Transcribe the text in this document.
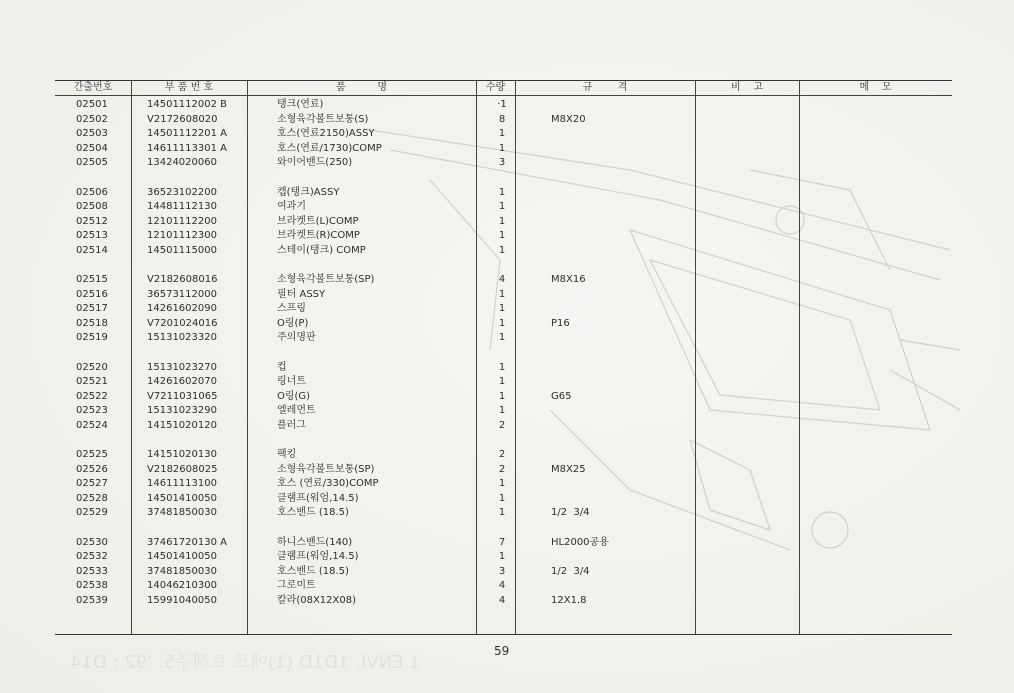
간출번호	부 품 번 호	품          명	수량	규        격	비    고	메    모
02501	14501112002 B	탱크(연료)	·1
02502	V2172608020	소형육각볼트보통(S)	8	M8X20
02503	14501112201 A	호스(연료2150)ASSY	1
02504	14611113301 A	호스(연료/1730)COMP	1
02505	13424020060	와이어밴드(250)	3
02506	36523102200	캡(탱크)ASSY	1
02508	14481112130	여과기	1
02512	12101112200	브라켓트(L)COMP	1
02513	12101112300	브라켓트(R)COMP	1
02514	14501115000	스테이(탱크) COMP	1
02515	V2182608016	소형육각볼트보통(SP)	4	M8X16
02516	36573112000	필터 ASSY	1
02517	14261602090	스프링	1
02518	V7201024016	O링(P)	1	P16
02519	15131023320	주의명판	1
02520	15131023270	컵	1
02521	14261602070	링너트	1
02522	V7211031065	O링(G)	1	G65
02523	15131023290	엘레먼트	1
02524	14151020120	플러그	2
02525	14151020130	팩킹	2
02526	V2182608025	소형육각볼트보통(SP)	2	M8X25
02527	14611113100	호스 (연료/330)COMP	1
02528	14501410050	클램프(워엄,14.5)	1
02529	37481850030	호스밴드 (18.5)	1	1/2  3/4
02530	37461720130 A	하니스밴드(140)	7	HL2000공용
02532	14501410050	클램프(워엄,14.5)	1
02533	37481850030	호스밴드 (18.5)	3	1/2  3/4
02538	14046210300	그로미트	4
02539	15991040050	칼라(08X12X08)	4	12X1.8
59
1 ENVI. 1D1D (1)에르 트해주5. '92 : D14
